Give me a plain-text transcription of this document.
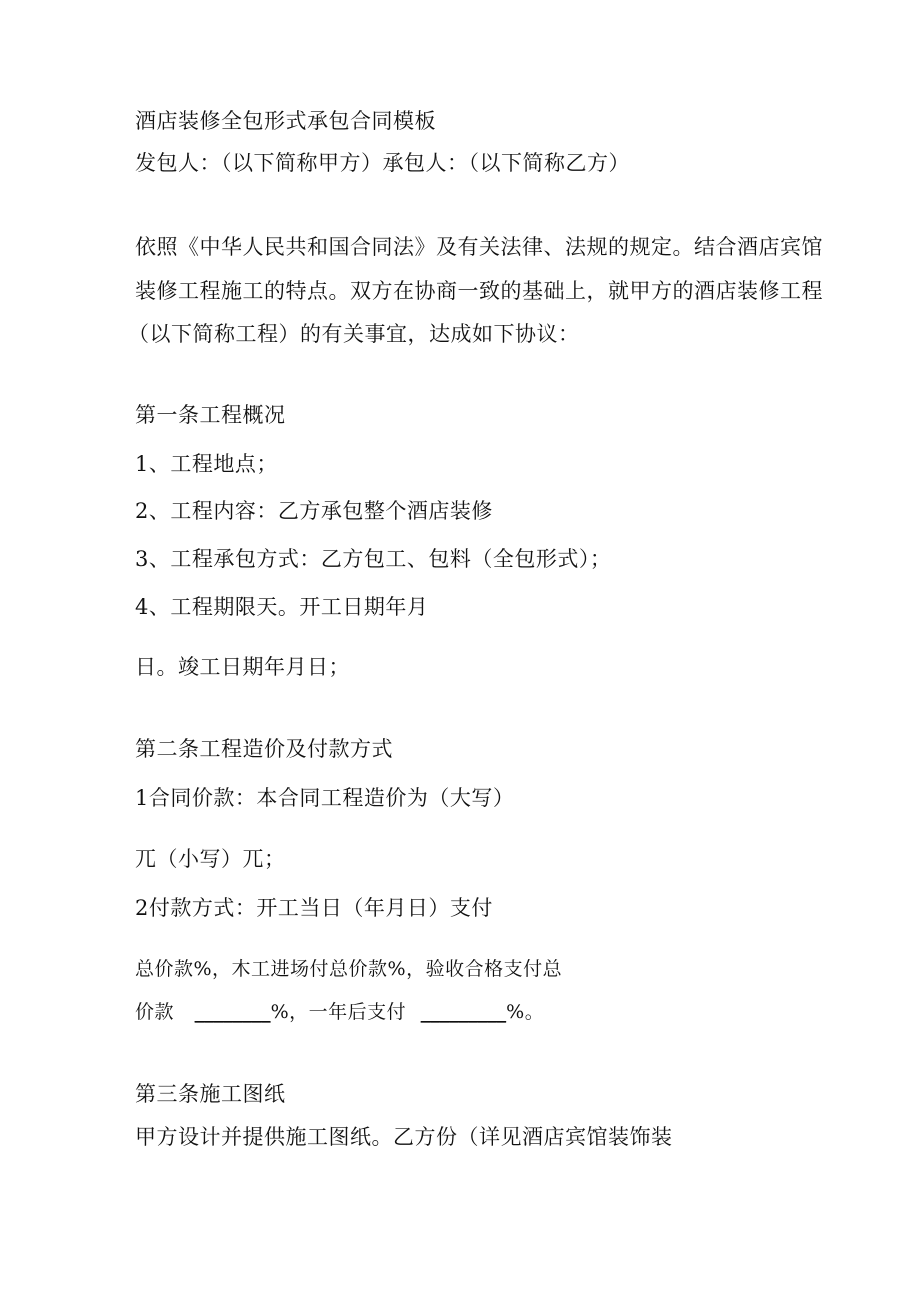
酒店装修全包形式承包合同模板
发包人：（以下简称甲方）承包人：（以下简称乙方）
依照《中华人民共和国合同法》及有关法律、法规的规定。结合酒店宾馆
装修工程施工的特点。双方在协商一致的基础上，就甲方的酒店装修工程
（以下简称工程）的有关事宜，达成如下协议：
第一条工程概况
1、工程地点；
2、工程内容：乙方承包整个酒店装修
3、工程承包方式：乙方包工、包料（全包形式）；
4、工程期限天。开工日期年月
日。竣工日期年月日；
第二条工程造价及付款方式
1合同价款：本合同工程造价为（大写）
兀（小写）兀；
2付款方式：开工当日（年月日）支付
总价款%，木工进场付总价款%，验收合格支付总
价款 ________%，一年后支付 _________%。
第三条施工图纸
甲方设计并提供施工图纸。乙方份（详见酒店宾馆装饰装
